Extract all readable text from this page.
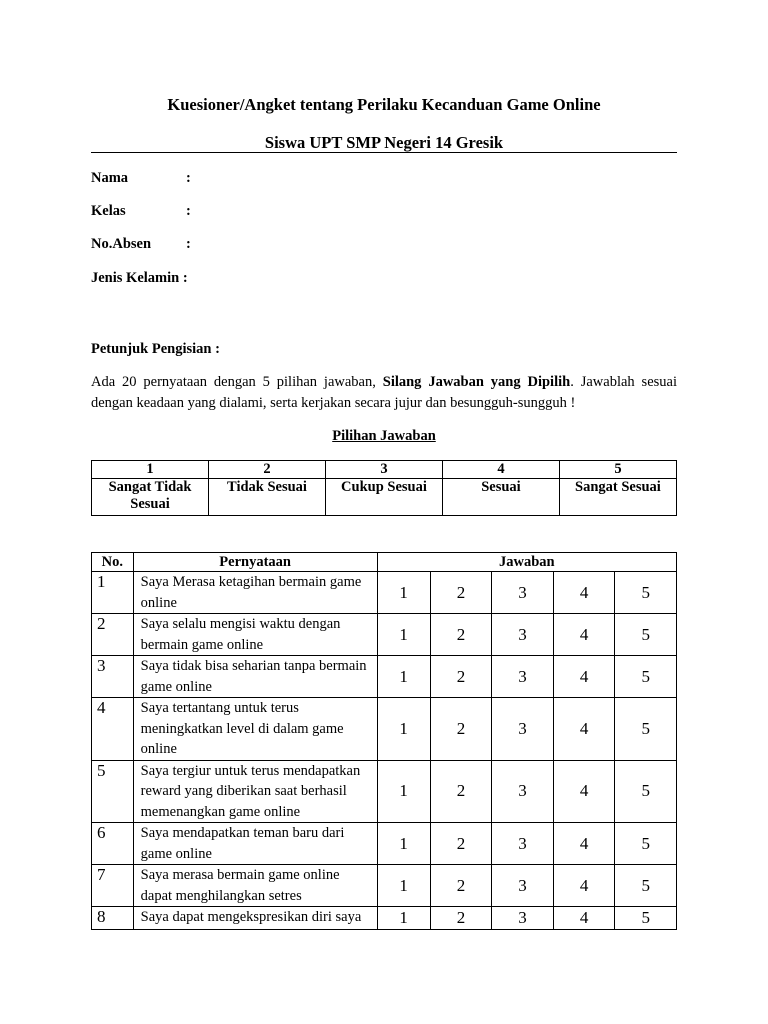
Kuesioner/Angket tentang Perilaku Kecanduan Game Online
Siswa UPT SMP Negeri 14 Gresik
Nama	:
Kelas	:
No.Absen :
Jenis Kelamin :
Petunjuk Pengisian :
Ada 20 pernyataan dengan 5 pilihan jawaban, Silang Jawaban yang Dipilih. Jawablah sesuai dengan keadaan yang dialami, serta kerjakan secara jujur dan besungguh-sungguh !
Pilihan Jawaban
1	2	3	4	5
Sangat Tidak Sesuai	Tidak Sesuai	Cukup Sesuai	Sesuai	Sangat Sesuai
No.	Pernyataan	Jawaban				
1	Saya Merasa ketagihan bermain game online	1	2	3	4	5
2	Saya selalu mengisi waktu dengan bermain game online	1	2	3	4	5
3	Saya tidak bisa seharian tanpa bermain game online	1	2	3	4	5
4	Saya tertantang untuk terus meningkatkan level di dalam game online	1	2	3	4	5
5	Saya tergiur untuk terus mendapatkan reward yang diberikan saat berhasil memenangkan game online	1	2	3	4	5
6	Saya mendapatkan teman baru dari game online	1	2	3	4	5
7	Saya merasa bermain game online dapat menghilangkan setres	1	2	3	4	5
8	Saya dapat mengekspresikan diri saya	1	2	3	4	5
